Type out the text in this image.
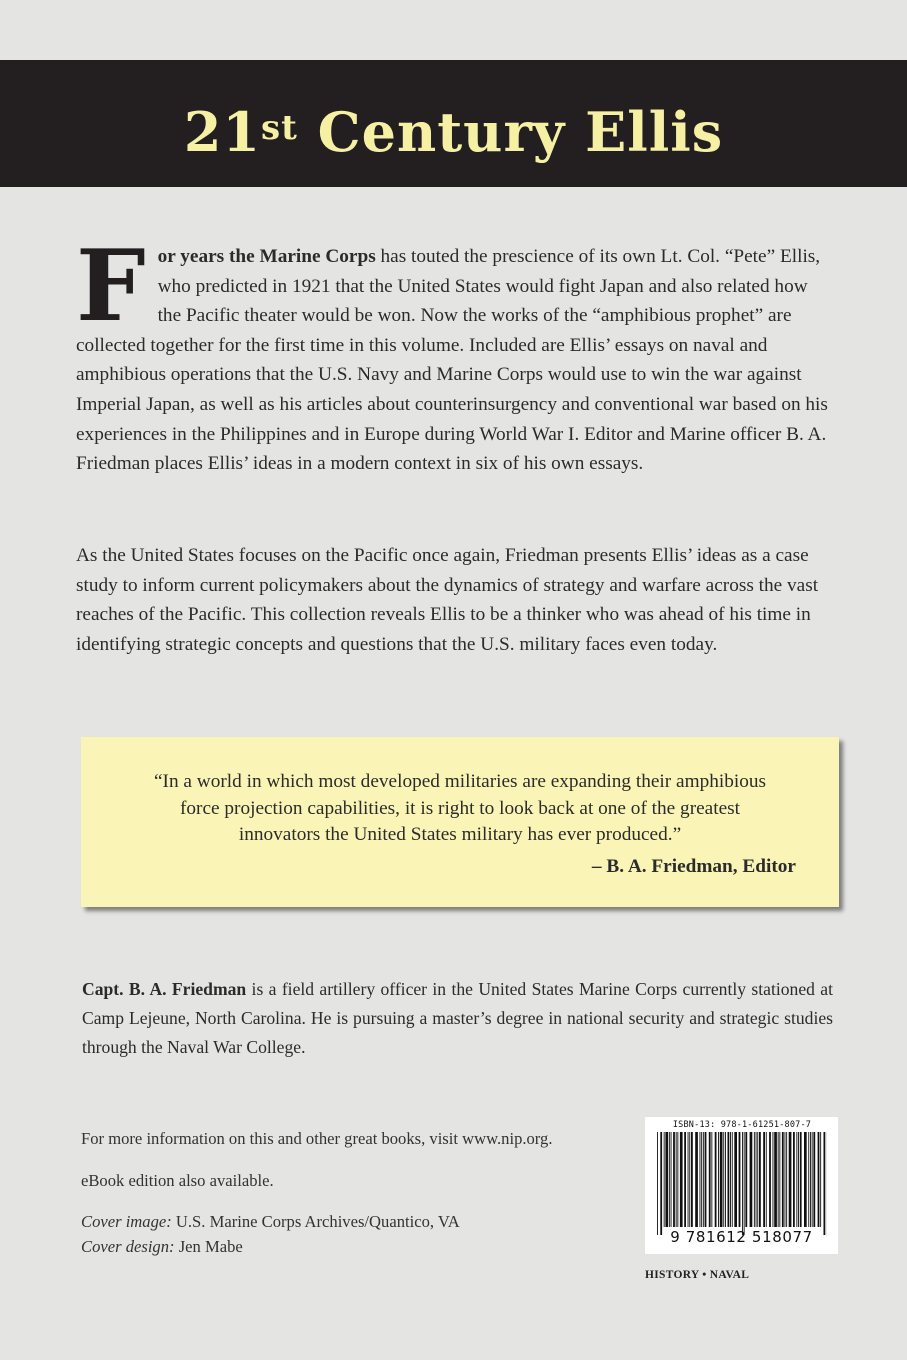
21st Century Ellis

For years the Marine Corps has touted the prescience of its own Lt. Col. “Pete” Ellis, who predicted in 1921 that the United States would fight Japan and also related how the Pacific theater would be won. Now the works of the “amphibious prophet” are collected together for the first time in this volume. Included are Ellis’ essays on naval and amphibious operations that the U.S. Navy and Marine Corps would use to win the war against Imperial Japan, as well as his articles about counterinsurgency and conventional war based on his experiences in the Philippines and in Europe during World War I. Editor and Marine officer B. A. Friedman places Ellis’ ideas in a modern context in six of his own essays.

As the United States focuses on the Pacific once again, Friedman presents Ellis’ ideas as a case study to inform current policymakers about the dynamics of strategy and warfare across the vast reaches of the Pacific. This collection reveals Ellis to be a thinker who was ahead of his time in identifying strategic concepts and questions that the U.S. military faces even today.

“In a world in which most developed militaries are expanding their amphibious
force projection capabilities, it is right to look back at one of the greatest
innovators the United States military has ever produced.”

– B. A. Friedman, Editor

Capt. B. A. Friedman is a field artillery officer in the United States Marine Corps currently stationed at Camp Lejeune, North Carolina. He is pursuing a master’s degree in national security and strategic studies through the Naval War College.

For more information on this and other great books, visit www.nip.org.
eBook edition also available.
Cover image: U.S. Marine Corps Archives/Quantico, VA
Cover design: Jen Mabe
ISBN-13: 978-1-61251-807-7
9 781612 518077
HISTORY • NAVAL
